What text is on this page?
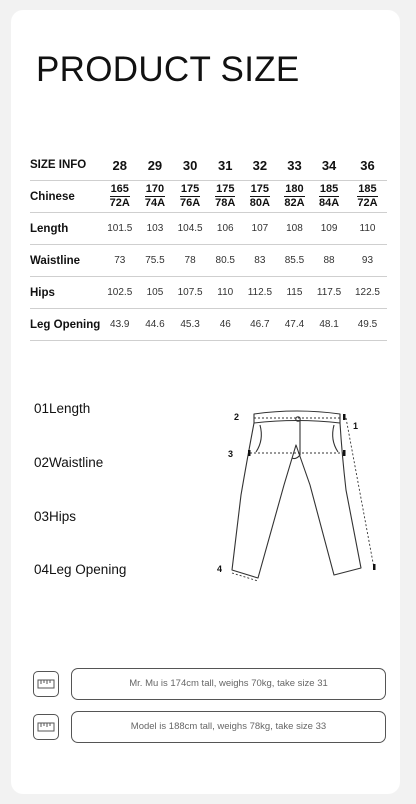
PRODUCT SIZE
SIZE INFO	28	29	30	31	32	33	34	36
Chinese	$\frac{165}{72A}$	$\frac{170}{74A}$	$\frac{175}{76A}$	$\frac{175}{78A}$	$\frac{175}{80A}$	$\frac{180}{82A}$	$\frac{185}{84A}$	$\frac{185}{72A}$

Length	101.5	103	104.5	106	107	108	109	110
Waistline	73	75.5	78	80.5	83	85.5	88	93
Hips	102.5	105	107.5	110	112.5	115	117.5	122.5
Leg Opening	43.9	44.6	45.3	46	46.7	47.4	48.1	49.5
01Length
02Waistline
03Hips
04Leg Opening
1
2
3
4
Mr. Mu is 174cm tall, weighs 70kg, take size 31
Model is 188cm tall, weighs 78kg, take size 33
